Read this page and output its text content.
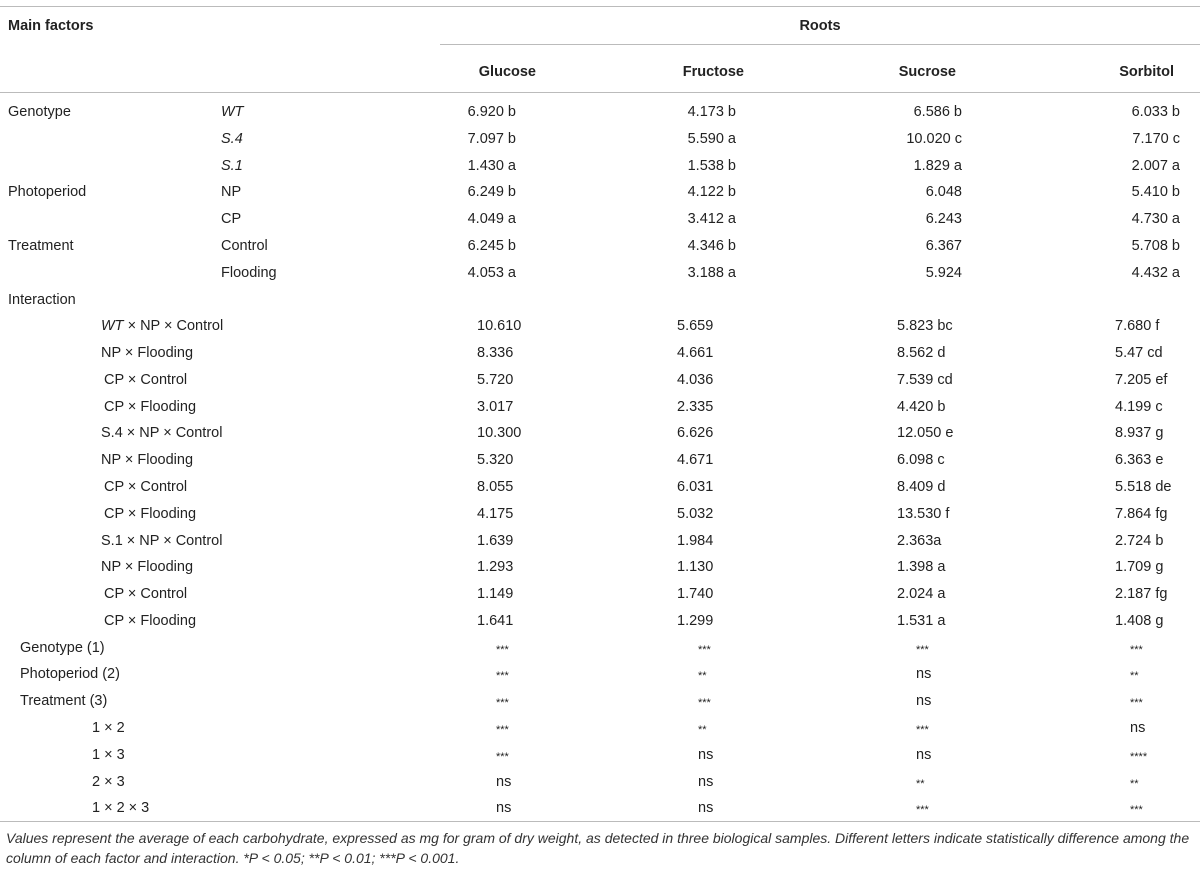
Main factors	Roots
Glucose	Fructose	Sucrose	Sorbitol
Genotype	WT	6.920 b	4.173 b	6.586 b	6.033 b
S.4	7.097 b	5.590 a	10.020 c	7.170 c
S.1	1.430 a	1.538 b	1.829 a	2.007 a
Photoperiod	NP	6.249 b	4.122 b	6.048	5.410 b
CP	4.049 a	3.412 a	6.243	4.730 a
Treatment	Control	6.245 b	4.346 b	6.367	5.708 b
Flooding	4.053 a	3.188 a	5.924	4.432 a
Interaction
WT × NP × Control	10.610	5.659	5.823 bc	7.680 f
NP × Flooding	8.336	4.661	8.562 d	5.47 cd
CP × Control	5.720	4.036	7.539 cd	7.205 ef
CP × Flooding	3.017	2.335	4.420 b	4.199 c
S.4 × NP × Control	10.300	6.626	12.050 e	8.937 g
NP × Flooding	5.320	4.671	6.098 c	6.363 e
CP × Control	8.055	6.031	8.409 d	5.518 de
CP × Flooding	4.175	5.032	13.530 f	7.864 fg
S.1 × NP × Control	1.639	1.984	2.363a	2.724 b
NP × Flooding	1.293	1.130	1.398 a	1.709 g
CP × Control	1.149	1.740	2.024 a	2.187 fg
CP × Flooding	1.641	1.299	1.531 a	1.408 g
Genotype (1)	***	***	***	***
Photoperiod (2)	***	**	ns	**
Treatment (3)	***	***	ns	***
1 × 2	***	**	***	ns
1 × 3	***	ns	ns	****
2 × 3	ns	ns	**	**
1 × 2 × 3	ns	ns	***	***
Values represent the average of each carbohydrate, expressed as mg for gram of dry weight, as detected in three biological samples. Different letters indicate statistically difference among the column of each factor and interaction. *P < 0.05; **P < 0.01; ***P < 0.001.
